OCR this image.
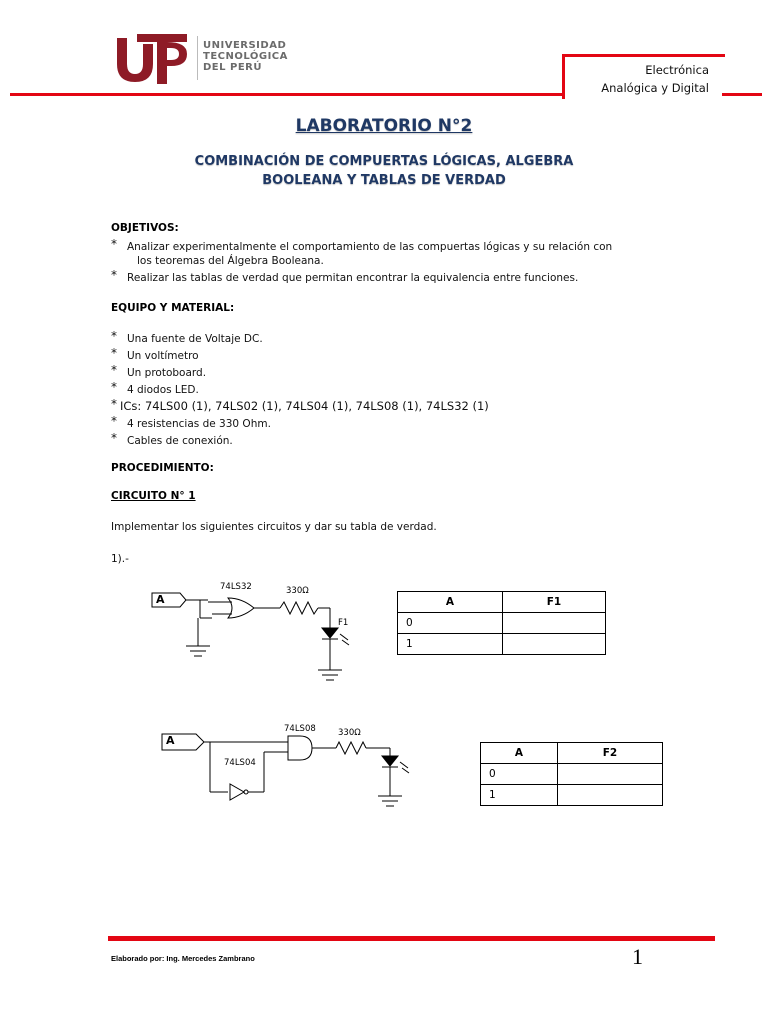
UNIVERSIDAD
TECNOLÓGICA
DEL PERÚ	Electrónica
Analógica y Digital
LABORATORIO N°2
COMBINACIÓN DE COMPUERTAS LÓGICAS, ALGEBRA
BOOLEANA Y TABLAS DE VERDAD
OBJETIVOS:
* Analizar experimentalmente el comportamiento de las compuertas lógicas y su relación con
los teoremas del Álgebra Booleana.
* Realizar las tablas de verdad que permitan encontrar la equivalencia entre funciones.
EQUIPO Y MATERIAL:
* Una fuente de Voltaje DC.
* Un voltímetro
* Un protoboard.
* 4 diodos LED.
* ICs: 74LS00 (1), 74LS02 (1), 74LS04 (1), 74LS08 (1), 74LS32 (1)
* 4 resistencias de 330 Ohm.
* Cables de conexión.
PROCEDIMIENTO:
CIRCUITO N° 1
Implementar los siguientes circuitos y dar su tabla de verdad.
1).-
A
74LS32	330Ω
F1
A	F1
0	
1	
A
74LS08
74LS04
330Ω
A	F2
0	
1	
Elaborado por: Ing. Mercedes Zambrano	1
